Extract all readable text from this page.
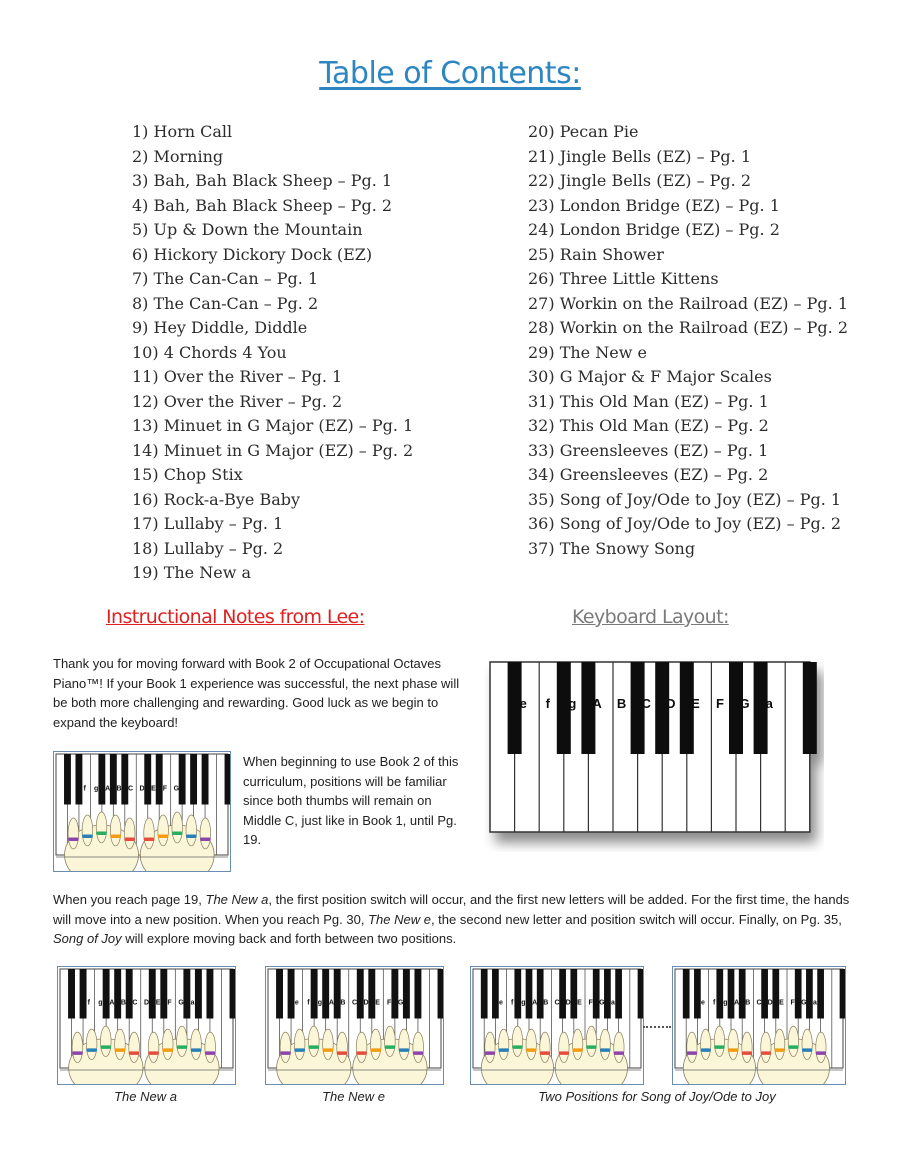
Table of Contents:
1) Horn Call
2) Morning
3) Bah, Bah Black Sheep – Pg. 1
4) Bah, Bah Black Sheep – Pg. 2
5) Up & Down the Mountain
6) Hickory Dickory Dock (EZ)
7) The Can-Can – Pg. 1
8) The Can-Can – Pg. 2
9) Hey Diddle, Diddle
10) 4 Chords 4 You
11) Over the River – Pg. 1
12) Over the River – Pg. 2
13) Minuet in G Major (EZ) – Pg. 1
14) Minuet in G Major (EZ) – Pg. 2
15) Chop Stix
16) Rock-a-Bye Baby
17) Lullaby – Pg. 1
18) Lullaby – Pg. 2
19) The New a
20) Pecan Pie
21) Jingle Bells (EZ) – Pg. 1
22) Jingle Bells (EZ) – Pg. 2
23) London Bridge (EZ) – Pg. 1
24) London Bridge (EZ) – Pg. 2
25) Rain Shower
26) Three Little Kittens
27) Workin on the Railroad (EZ) – Pg. 1
28) Workin on the Railroad (EZ) – Pg. 2
29) The New e
30) G Major & F Major Scales
31) This Old Man (EZ) – Pg. 1
32) This Old Man (EZ) – Pg. 2
33) Greensleeves (EZ) – Pg. 1
34) Greensleeves (EZ) – Pg. 2
35) Song of Joy/Ode to Joy (EZ) – Pg. 1
36) Song of Joy/Ode to Joy (EZ) – Pg. 2
37) The Snowy Song
Instructional Notes from Lee:	Keyboard Layout:
Thank you for moving forward with Book 2 of Occupational Octaves Piano™! If your Book 1 experience was successful, the next phase will be both more challenging and rewarding. Good luck as we begin to expand the keyboard!
e f g A B C D E F G a
f g A B C D E F G
When beginning to use Book 2 of this curriculum, positions will be familiar since both thumbs will remain on Middle C, just like in Book 1, until Pg. 19.
When you reach page 19, The New a, the first position switch will occur, and the first new letters will be added. For the first time, the hands will move into a new position. When you reach Pg. 30, The New e, the second new letter and position switch will occur. Finally, on Pg. 35, Song of Joy will explore moving back and forth between two positions.
f g A B C D E F G a	e f g A B C D E F G	e f g A B C D E F G a	e f g A B C D E F G a
The New a	The New e	Two Positions for Song of Joy/Ode to Joy
